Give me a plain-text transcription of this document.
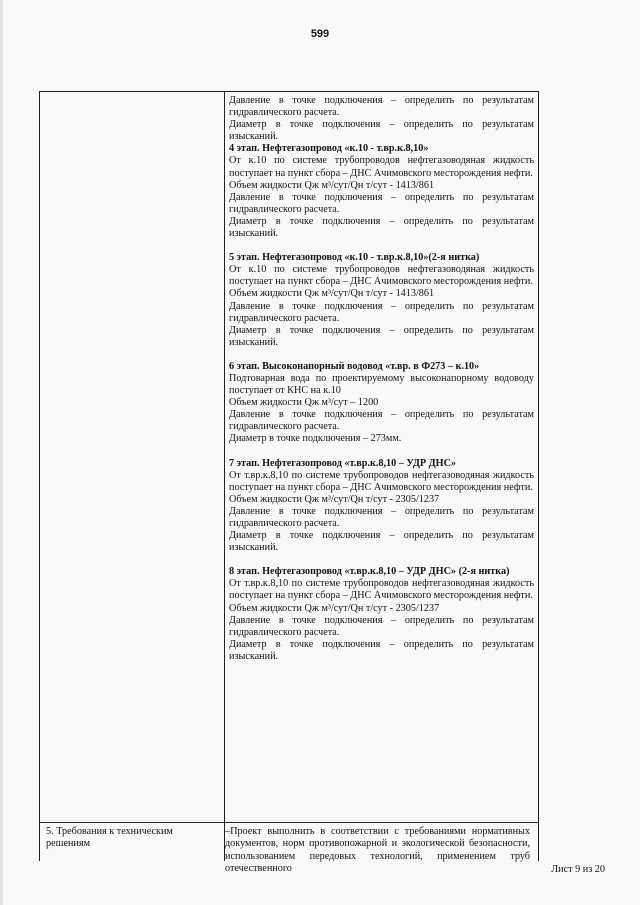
599

Давление в точке подключения – определить по результатам гидравлического расчета.

Диаметр в точке подключения – определить по результатам изысканий.

4 этап. Нефтегазопровод «к.10 - т.вр.к.8,10»

От к.10 по системе трубопроводов нефтегазоводяная жидкость поступает на пункт сбора – ДНС Ачимовского месторождения нефти.

Объем жидкости Qж м³/сут/Qн т/сут - 1413/861

Давление в точке подключения – определить по результатам гидравлического расчета.

Диаметр в точке подключения – определить по результатам изысканий.

5 этап. Нефтегазопровод «к.10 - т.вр.к.8,10»(2-я нитка)

От к.10 по системе трубопроводов нефтегазоводяная жидкость поступает на пункт сбора – ДНС Ачимовского месторождения нефти.

Объем жидкости Qж м³/сут/Qн т/сут - 1413/861

Давление в точке подключения – определить по результатам гидравлического расчета.

Диаметр в точке подключения – определить по результатам изысканий.

6 этап. Высоконапорный водовод «т.вр. в Ф273 – к.10»

Подтоварная вода по проектируемому высоконапорному водоводу поступает от КНС на к.10

Объем жидкости Qж м³/сут – 1200

Давление в точке подключения – определить по результатам гидравлического расчета.

Диаметр в точке подключения – 273мм.

7 этап. Нефтегазопровод «т.вр.к.8,10 – УДР ДНС»

От т.вр.к.8,10 по системе трубопроводов нефтегазоводяная жидкость поступает на пункт сбора – ДНС Ачимовского месторождения нефти.

Объем жидкости Qж м³/сут/Qн т/сут - 2305/1237

Давление в точке подключения – определить по результатам гидравлического расчета.

Диаметр в точке подключения – определить по результатам изысканий.

8 этап. Нефтегазопровод «т.вр.к.8,10 – УДР ДНС» (2-я нитка)

От т.вр.к.8,10 по системе трубопроводов нефтегазоводяная жидкость поступает на пункт сбора – ДНС Ачимовского месторождения нефти.

Объем жидкости Qж м³/сут/Qн т/сут - 2305/1237

Давление в точке подключения – определить по результатам гидравлического расчета.

Диаметр в точке подключения – определить по результатам изысканий.

5. Требования к техническим решениям
–Проект выполнить в соответствии с требованиями нормативных документов, норм противопожарной и экологической безопасности, использованием передовых технологий, применением труб отечественного	Лист 9 из 20
